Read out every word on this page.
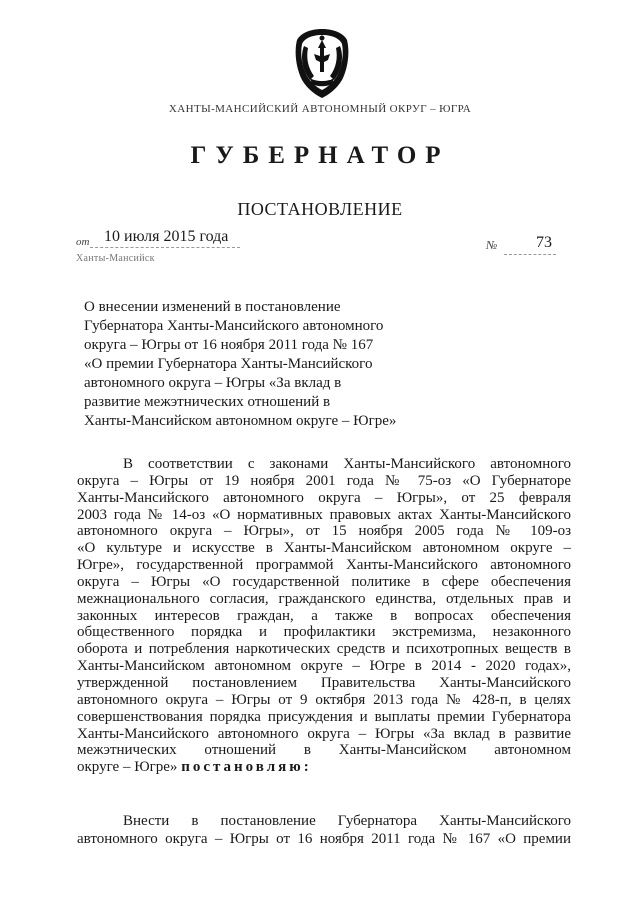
ЮГРА
ХАНТЫ-МАНСИЙСКИЙ АВТОНОМНЫЙ ОКРУГ – ЮГРА
ГУБЕРНАТОР
ПОСТАНОВЛЕНИЕ
от 10 июля 2015 года
Ханты-Мансийск
№ 73
О внесении изменений в постановление
Губернатора Ханты-Мансийского автономного
округа – Югры от 16 ноября 2011 года № 167
«О премии Губернатора Ханты-Мансийского
автономного округа – Югры «За вклад в
развитие межэтнических отношений в
Ханты-Мансийском автономном округе – Югре»
В соответствии с законами Ханты-Мансийского автономного
округа – Югры от 19 ноября 2001 года № 75-оз «О Губернаторе
Ханты-Мансийского автономного округа – Югры», от 25 февраля
2003 года № 14-оз «О нормативных правовых актах Ханты-Мансийского
автономного округа – Югры», от 15 ноября 2005 года № 109-оз
«О культуре и искусстве в Ханты-Мансийском автономном округе –
Югре», государственной программой Ханты-Мансийского автономного
округа – Югры «О государственной политике в сфере обеспечения
межнационального согласия, гражданского единства, отдельных прав и
законных интересов граждан, а также в вопросах обеспечения
общественного порядка и профилактики экстремизма, незаконного
оборота и потребления наркотических средств и психотропных веществ в
Ханты-Мансийском автономном округе – Югре в 2014 - 2020 годах»,
утвержденной постановлением Правительства Ханты-Мансийского
автономного округа – Югры от 9 октября 2013 года № 428-п, в целях
совершенствования порядка присуждения и выплаты премии Губернатора
Ханты-Мансийского автономного округа – Югры «За вклад в развитие
межэтнических отношений в Ханты-Мансийском автономном
округе – Югре» постановляю:
Внести в постановление Губернатора Ханты-Мансийского
автономного округа – Югры от 16 ноября 2011 года № 167 «О премии
